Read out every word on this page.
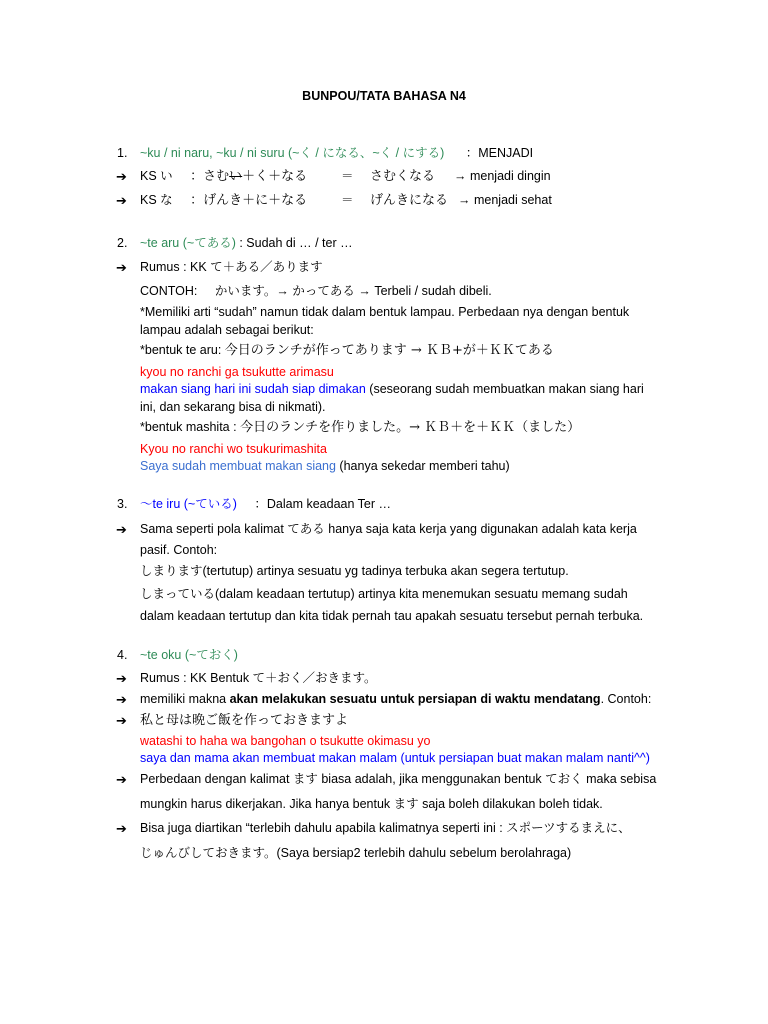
BUNPOU/TATA BAHASA N4
1. ~ku / ni naru, ~ku / ni suru (~く / になる、~く / にする) ：MENJADI
➔ KS い ：さむい＋く＋なる	＝ さむくなる → menjadi dingin
➔ KS な ：げんき＋に＋なる	＝ げんきになる → menjadi sehat
2. ~te aru (~てある) : Sudah di … / ter …
➔ Rumus : KK て＋ある／あります
CONTOH: かいます。→ かってある → Terbeli / sudah dibeli.
*Memiliki arti “sudah” namun tidak dalam bentuk lampau. Perbedaan nya dengan bentuk
lampau adalah sebagai berikut:
*bentuk te aru: 今日のランチが作ってあります → ＫＢ+が＋ＫＫてある
kyou no ranchi ga tsukutte arimasu
makan siang hari ini sudah siap dimakan (seseorang sudah membuatkan makan siang hari
ini, dan sekarang bisa di nikmati).
*bentuk mashita : 今日のランチを作りました。→ ＫＢ＋を＋ＫＫ（ました）
Kyou no ranchi wo tsukurimashita
Saya sudah membuat makan siang (hanya sekedar memberi tahu)
3. 〜te iru (~ている) ：Dalam keadaan Ter …
➔ Sama seperti pola kalimat てある hanya saja kata kerja yang digunakan adalah kata kerja
pasif. Contoh:
しまります(tertutup) artinya sesuatu yg tadinya terbuka akan segera tertutup.
しまっている(dalam keadaan tertutup) artinya kita menemukan sesuatu memang sudah
dalam keadaan tertutup dan kita tidak pernah tau apakah sesuatu tersebut pernah terbuka.
4. ~te oku (~ておく)
➔ Rumus : KK Bentuk て＋おく／おきます。
➔ memiliki makna akan melakukan sesuatu untuk persiapan di waktu mendatang. Contoh:
➔ 私と母は晩ご飯を作っておきますよ
watashi to haha wa bangohan o tsukutte okimasu yo
saya dan mama akan membuat makan malam (untuk persiapan buat makan malam nanti^^)
➔ Perbedaan dengan kalimat ます biasa adalah, jika menggunakan bentuk ておく maka sebisa
mungkin harus dikerjakan. Jika hanya bentuk ます saja boleh dilakukan boleh tidak.
➔ Bisa juga diartikan “terlebih dahulu apabila kalimatnya seperti ini : スポーツするまえに、
じゅんびしておきます。(Saya bersiap2 terlebih dahulu sebelum berolahraga)
